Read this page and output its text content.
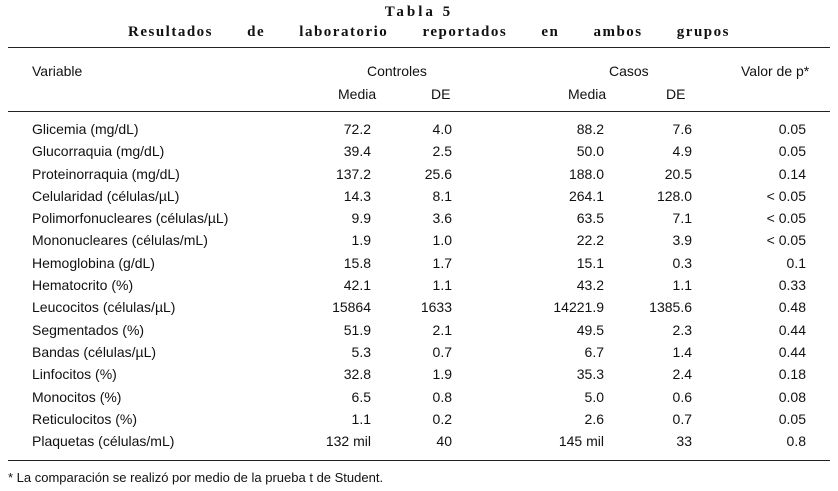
Tabla 5
Resultados de laboratorio reportados en ambos grupos
Variable	Controles	Casos	Valor de p*
Media	DE	Media	DE
Glicemia (mg/dL)	72.2	4.0	88.2	7.6	0.05
Glucorraquia (mg/dL)	39.4	2.5	50.0	4.9	0.05
Proteinorraquia (mg/dL)	137.2	25.6	188.0	20.5	0.14
Celularidad (células/µL)	14.3	8.1	264.1	128.0	< 0.05
Polimorfonucleares (células/µL)	9.9	3.6	63.5	7.1	< 0.05
Mononucleares (células/mL)	1.9	1.0	22.2	3.9	< 0.05
Hemoglobina (g/dL)	15.8	1.7	15.1	0.3	0.1
Hematocrito (%)	42.1	1.1	43.2	1.1	0.33
Leucocitos (células/µL)	15864	1633	14221.9	1385.6	0.48
Segmentados (%)	51.9	2.1	49.5	2.3	0.44
Bandas (células/µL)	5.3	0.7	6.7	1.4	0.44
Linfocitos (%)	32.8	1.9	35.3	2.4	0.18
Monocitos (%)	6.5	0.8	5.0	0.6	0.08
Reticulocitos (%)	1.1	0.2	2.6	0.7	0.05
Plaquetas (células/mL)	132 mil	40	145 mil	33	0.8
* La comparación se realizó por medio de la prueba t de Student.
